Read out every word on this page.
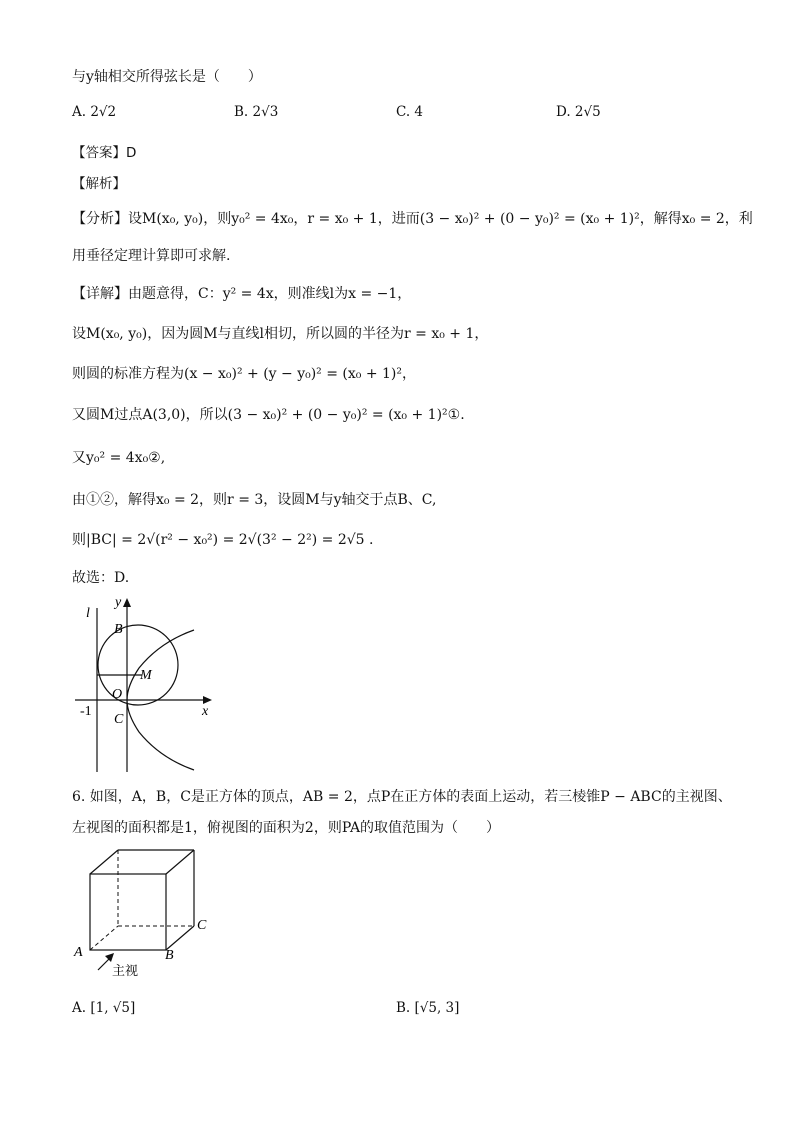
与y轴相交所得弦长是（　　）
A. 2√2	B. 2√3	C. 4	D. 2√5
【答案】D
【解析】
【分析】设M(x₀, y₀)，则y₀² = 4x₀，r = x₀ + 1，进而(3 − x₀)² + (0 − y₀)² = (x₀ + 1)²，解得x₀ = 2，利
用垂径定理计算即可求解.
【详解】由题意得，C：y² = 4x，则准线l为x = −1，
设M(x₀, y₀)，因为圆M与直线l相切，所以圆的半径为r = x₀ + 1，
则圆的标准方程为(x − x₀)² + (y − y₀)² = (x₀ + 1)²，
又圆M过点A(3,0)，所以(3 − x₀)² + (0 − y₀)² = (x₀ + 1)²①.
又y₀² = 4x₀②,
由①②，解得x₀ = 2，则r = 3，设圆M与y轴交于点B、C,
则|BC| = 2√(r² − x₀²) = 2√(3² − 2²) = 2√5 .
故选：D.
l
y
B
M
O
-1
C
x
6. 如图，A，B，C是正方体的顶点，AB = 2，点P在正方体的表面上运动，若三棱锥P − ABC的主视图、
左视图的面积都是1，俯视图的面积为2，则PA的取值范围为（　　）
A	B
C
主视
A. [1, √5]	B. [√5, 3]
